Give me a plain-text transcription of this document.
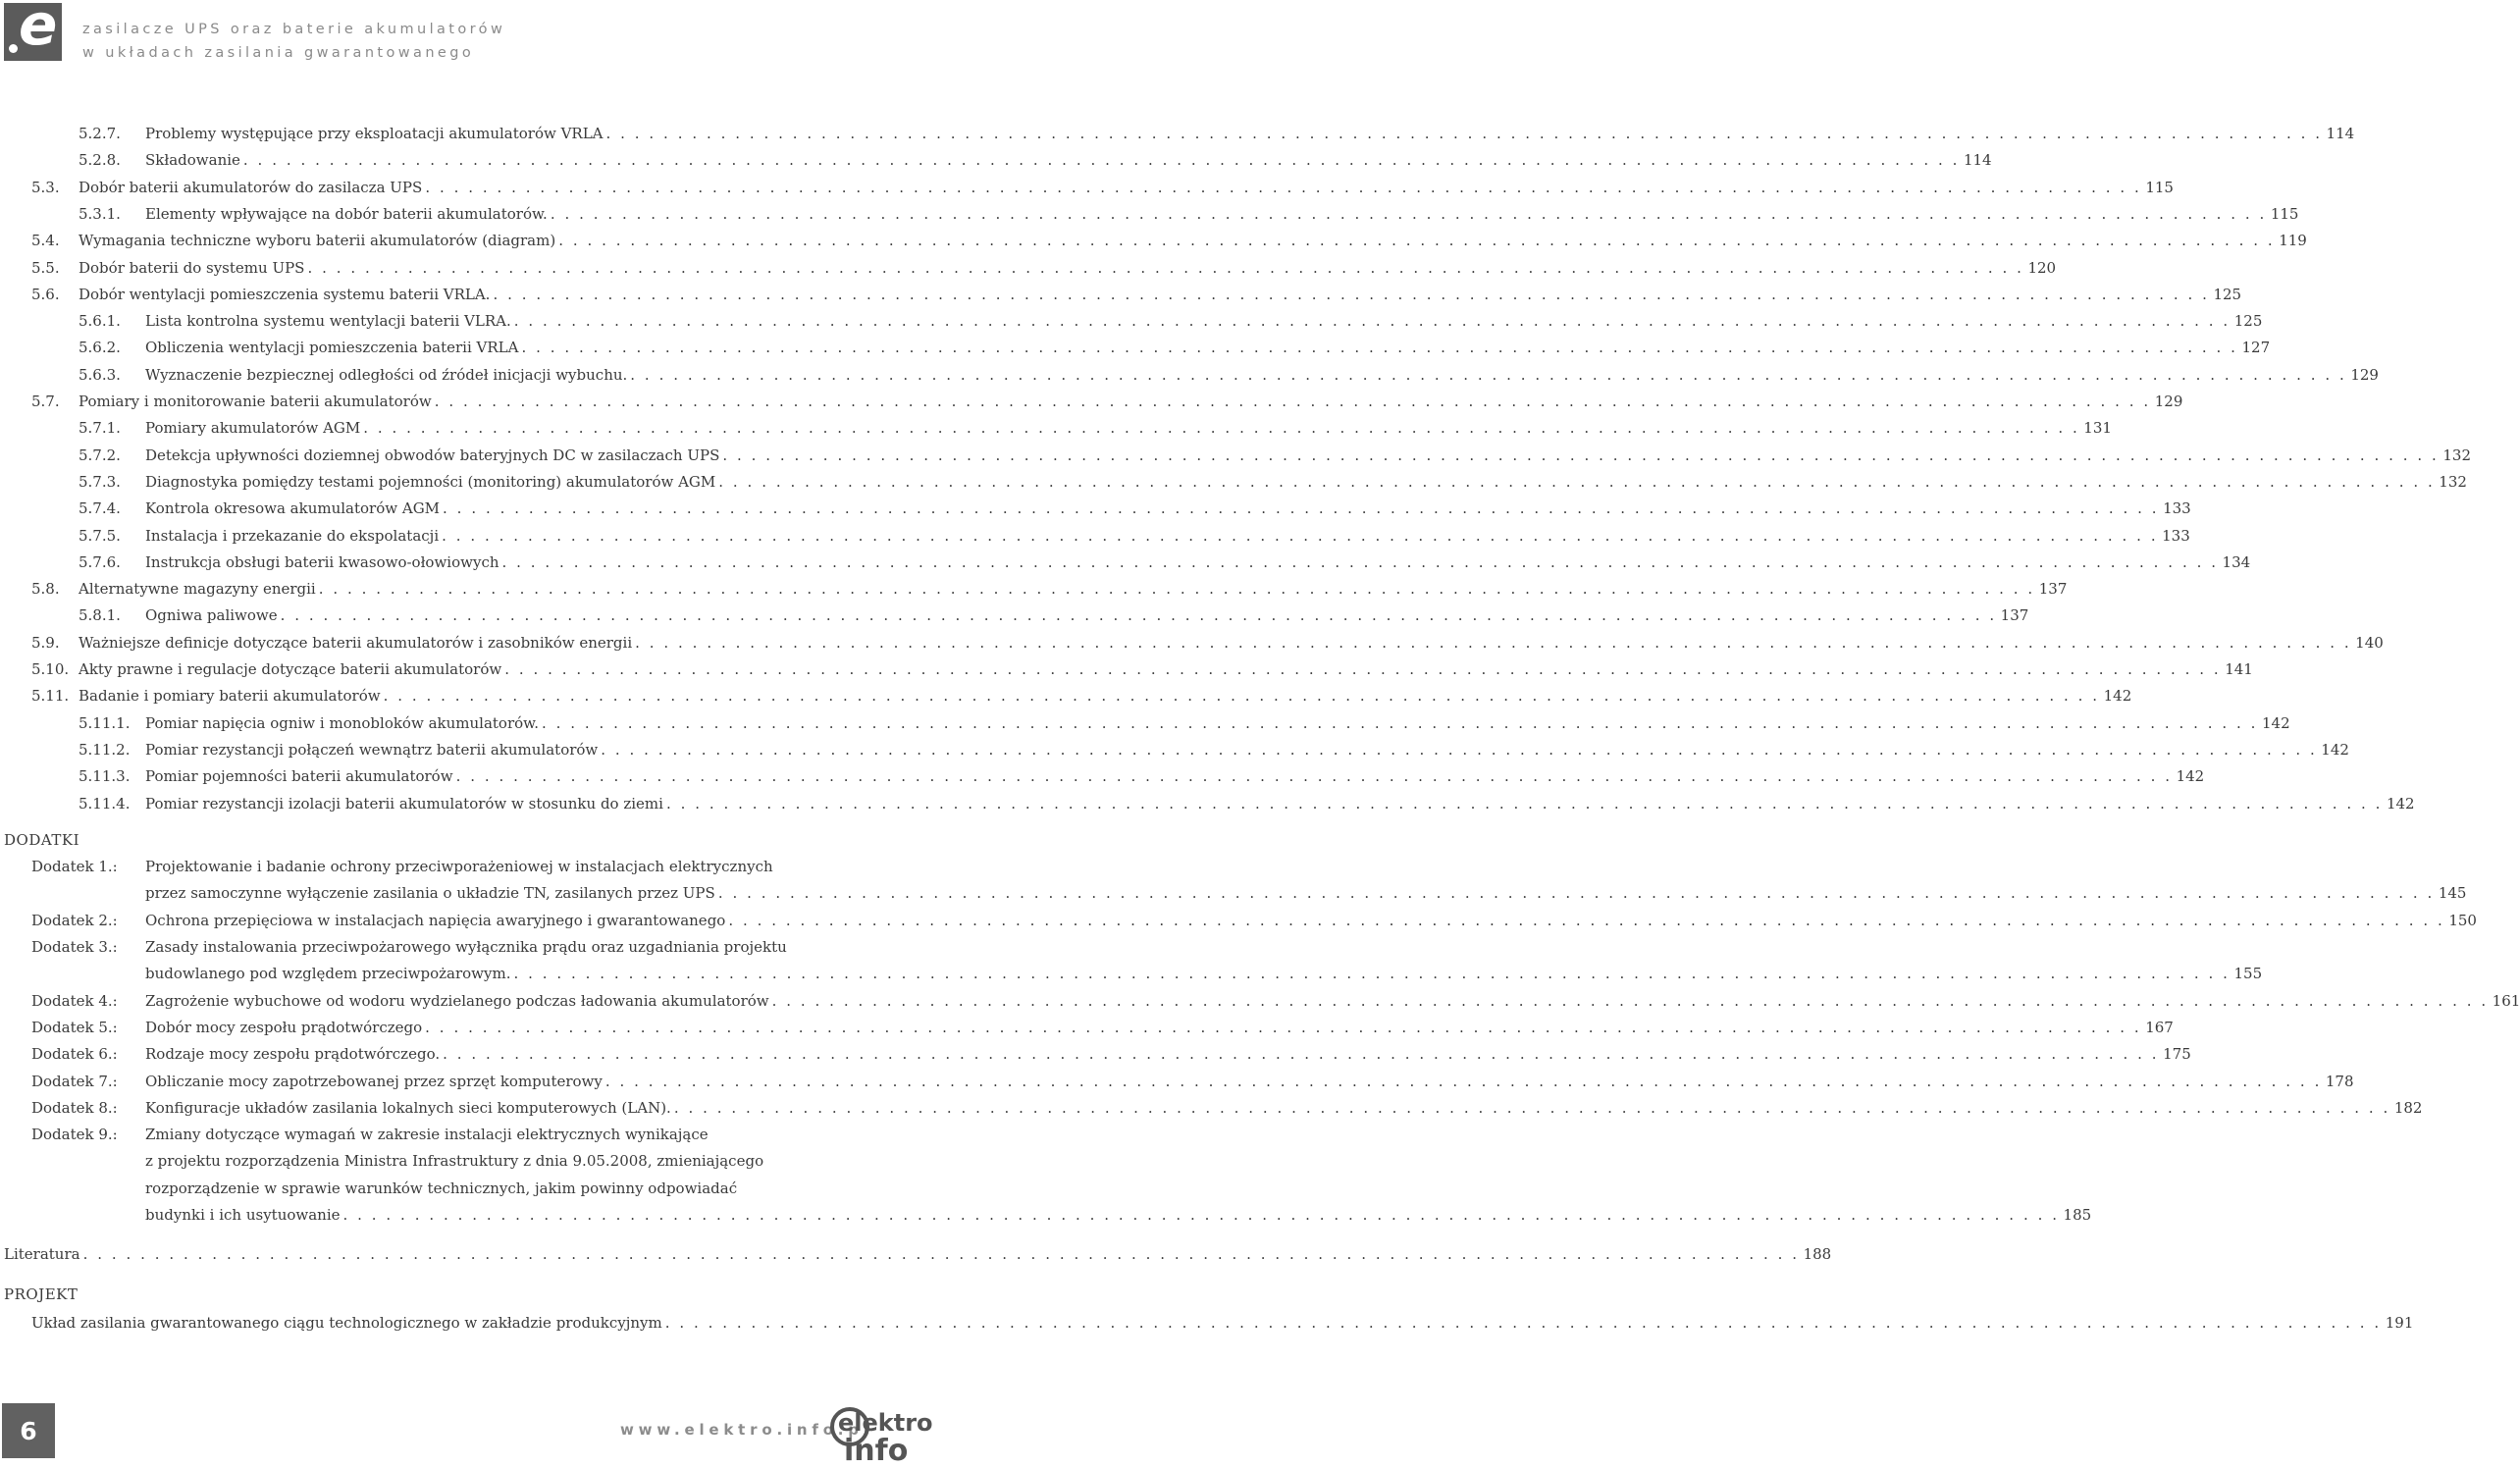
e zasilacze UPS oraz baterie akumulatorów
w układach zasilania gwarantowanego
5.2.7. Problemy występujące przy eksploatacji akumulatorów VRLA . . . . . . . . . . . . . . . . . . . . . . . . . . . . . . . . . . . . . . . . . . . . . . . . . . . . . . . . . . . . . . . . . . . . . . . . . . . . . . . . . . . . . . . . . . . . . . . . . . . . . . . . . . . . . . . . . . . . . . . . 114
5.2.8. Składowanie . . . . . . . . . . . . . . . . . . . . . . . . . . . . . . . . . . . . . . . . . . . . . . . . . . . . . . . . . . . . . . . . . . . . . . . . . . . . . . . . . . . . . . . . . . . . . . . . . . . . . . . . . . . . . . . . . . . . . . . . 114
5.3. Dobór baterii akumulatorów do zasilacza UPS . . . . . . . . . . . . . . . . . . . . . . . . . . . . . . . . . . . . . . . . . . . . . . . . . . . . . . . . . . . . . . . . . . . . . . . . . . . . . . . . . . . . . . . . . . . . . . . . . . . . . . . . . . . . . . . . . . . . . . . . 115
5.3.1. Elementy wpływające na dobór baterii akumulatorów. . . . . . . . . . . . . . . . . . . . . . . . . . . . . . . . . . . . . . . . . . . . . . . . . . . . . . . . . . . . . . . . . . . . . . . . . . . . . . . . . . . . . . . . . . . . . . . . . . . . . . . . . . . . . . . . . . . . . . . . . 115
5.4. Wymagania techniczne wyboru baterii akumulatorów (diagram) . . . . . . . . . . . . . . . . . . . . . . . . . . . . . . . . . . . . . . . . . . . . . . . . . . . . . . . . . . . . . . . . . . . . . . . . . . . . . . . . . . . . . . . . . . . . . . . . . . . . . . . . . . . . . . . . . . . . . . . . 119
5.5. Dobór baterii do systemu UPS . . . . . . . . . . . . . . . . . . . . . . . . . . . . . . . . . . . . . . . . . . . . . . . . . . . . . . . . . . . . . . . . . . . . . . . . . . . . . . . . . . . . . . . . . . . . . . . . . . . . . . . . . . . . . . . . . . . . . . . . 120
5.6. Dobór wentylacji pomieszczenia systemu baterii VRLA. . . . . . . . . . . . . . . . . . . . . . . . . . . . . . . . . . . . . . . . . . . . . . . . . . . . . . . . . . . . . . . . . . . . . . . . . . . . . . . . . . . . . . . . . . . . . . . . . . . . . . . . . . . . . . . . . . . . . . . . . 125
5.6.1. Lista kontrolna systemu wentylacji baterii VLRA. . . . . . . . . . . . . . . . . . . . . . . . . . . . . . . . . . . . . . . . . . . . . . . . . . . . . . . . . . . . . . . . . . . . . . . . . . . . . . . . . . . . . . . . . . . . . . . . . . . . . . . . . . . . . . . . . . . . . . . . . 125
5.6.2. Obliczenia wentylacji pomieszczenia baterii VRLA . . . . . . . . . . . . . . . . . . . . . . . . . . . . . . . . . . . . . . . . . . . . . . . . . . . . . . . . . . . . . . . . . . . . . . . . . . . . . . . . . . . . . . . . . . . . . . . . . . . . . . . . . . . . . . . . . . . . . . . . 127
5.6.3. Wyznaczenie bezpiecznej odległości od źródeł inicjacji wybuchu. . . . . . . . . . . . . . . . . . . . . . . . . . . . . . . . . . . . . . . . . . . . . . . . . . . . . . . . . . . . . . . . . . . . . . . . . . . . . . . . . . . . . . . . . . . . . . . . . . . . . . . . . . . . . . . . . . . . . . . . . 129
5.7. Pomiary i monitorowanie baterii akumulatorów . . . . . . . . . . . . . . . . . . . . . . . . . . . . . . . . . . . . . . . . . . . . . . . . . . . . . . . . . . . . . . . . . . . . . . . . . . . . . . . . . . . . . . . . . . . . . . . . . . . . . . . . . . . . . . . . . . . . . . . . 129
5.7.1. Pomiary akumulatorów AGM . . . . . . . . . . . . . . . . . . . . . . . . . . . . . . . . . . . . . . . . . . . . . . . . . . . . . . . . . . . . . . . . . . . . . . . . . . . . . . . . . . . . . . . . . . . . . . . . . . . . . . . . . . . . . . . . . . . . . . . . 131
5.7.2. Detekcja upływności doziemnej obwodów bateryjnych DC w zasilaczach UPS . . . . . . . . . . . . . . . . . . . . . . . . . . . . . . . . . . . . . . . . . . . . . . . . . . . . . . . . . . . . . . . . . . . . . . . . . . . . . . . . . . . . . . . . . . . . . . . . . . . . . . . . . . . . . . . . . . . . . . . . 132
5.7.3. Diagnostyka pomiędzy testami pojemności (monitoring) akumulatorów AGM . . . . . . . . . . . . . . . . . . . . . . . . . . . . . . . . . . . . . . . . . . . . . . . . . . . . . . . . . . . . . . . . . . . . . . . . . . . . . . . . . . . . . . . . . . . . . . . . . . . . . . . . . . . . . . . . . . . . . . . . 132
5.7.4. Kontrola okresowa akumulatorów AGM . . . . . . . . . . . . . . . . . . . . . . . . . . . . . . . . . . . . . . . . . . . . . . . . . . . . . . . . . . . . . . . . . . . . . . . . . . . . . . . . . . . . . . . . . . . . . . . . . . . . . . . . . . . . . . . . . . . . . . . . 133
5.7.5. Instalacja i przekazanie do ekspolatacji . . . . . . . . . . . . . . . . . . . . . . . . . . . . . . . . . . . . . . . . . . . . . . . . . . . . . . . . . . . . . . . . . . . . . . . . . . . . . . . . . . . . . . . . . . . . . . . . . . . . . . . . . . . . . . . . . . . . . . . . 133
5.7.6. Instrukcja obsługi baterii kwasowo-ołowiowych . . . . . . . . . . . . . . . . . . . . . . . . . . . . . . . . . . . . . . . . . . . . . . . . . . . . . . . . . . . . . . . . . . . . . . . . . . . . . . . . . . . . . . . . . . . . . . . . . . . . . . . . . . . . . . . . . . . . . . . . 134
5.8. Alternatywne magazyny energii . . . . . . . . . . . . . . . . . . . . . . . . . . . . . . . . . . . . . . . . . . . . . . . . . . . . . . . . . . . . . . . . . . . . . . . . . . . . . . . . . . . . . . . . . . . . . . . . . . . . . . . . . . . . . . . . . . . . . . . . 137
5.8.1. Ogniwa paliwowe . . . . . . . . . . . . . . . . . . . . . . . . . . . . . . . . . . . . . . . . . . . . . . . . . . . . . . . . . . . . . . . . . . . . . . . . . . . . . . . . . . . . . . . . . . . . . . . . . . . . . . . . . . . . . . . . . . . . . . . . 137
5.9. Ważniejsze definicje dotyczące baterii akumulatorów i zasobników energii . . . . . . . . . . . . . . . . . . . . . . . . . . . . . . . . . . . . . . . . . . . . . . . . . . . . . . . . . . . . . . . . . . . . . . . . . . . . . . . . . . . . . . . . . . . . . . . . . . . . . . . . . . . . . . . . . . . . . . . . 140
5.10. Akty prawne i regulacje dotyczące baterii akumulatorów . . . . . . . . . . . . . . . . . . . . . . . . . . . . . . . . . . . . . . . . . . . . . . . . . . . . . . . . . . . . . . . . . . . . . . . . . . . . . . . . . . . . . . . . . . . . . . . . . . . . . . . . . . . . . . . . . . . . . . . . 141
5.11. Badanie i pomiary baterii akumulatorów . . . . . . . . . . . . . . . . . . . . . . . . . . . . . . . . . . . . . . . . . . . . . . . . . . . . . . . . . . . . . . . . . . . . . . . . . . . . . . . . . . . . . . . . . . . . . . . . . . . . . . . . . . . . . . . . . . . . . . . . 142
5.11.1. Pomiar napięcia ogniw i monobloków akumulatorów. . . . . . . . . . . . . . . . . . . . . . . . . . . . . . . . . . . . . . . . . . . . . . . . . . . . . . . . . . . . . . . . . . . . . . . . . . . . . . . . . . . . . . . . . . . . . . . . . . . . . . . . . . . . . . . . . . . . . . . . . 142
5.11.2. Pomiar rezystancji połączeń wewnątrz baterii akumulatorów . . . . . . . . . . . . . . . . . . . . . . . . . . . . . . . . . . . . . . . . . . . . . . . . . . . . . . . . . . . . . . . . . . . . . . . . . . . . . . . . . . . . . . . . . . . . . . . . . . . . . . . . . . . . . . . . . . . . . . . . 142
5.11.3. Pomiar pojemności baterii akumulatorów . . . . . . . . . . . . . . . . . . . . . . . . . . . . . . . . . . . . . . . . . . . . . . . . . . . . . . . . . . . . . . . . . . . . . . . . . . . . . . . . . . . . . . . . . . . . . . . . . . . . . . . . . . . . . . . . . . . . . . . . 142
5.11.4. Pomiar rezystancji izolacji baterii akumulatorów w stosunku do ziemi . . . . . . . . . . . . . . . . . . . . . . . . . . . . . . . . . . . . . . . . . . . . . . . . . . . . . . . . . . . . . . . . . . . . . . . . . . . . . . . . . . . . . . . . . . . . . . . . . . . . . . . . . . . . . . . . . . . . . . . . 142
DODATKI
Dodatek 1.: Projektowanie i badanie ochrony przeciwporażeniowej w instalacjach elektrycznych
przez samoczynne wyłączenie zasilania o układzie TN, zasilanych przez UPS . . . . . . . . . . . . . . . . . . . . . . . . . . . . . . . . . . . . . . . . . . . . . . . . . . . . . . . . . . . . . . . . . . . . . . . . . . . . . . . . . . . . . . . . . . . . . . . . . . . . . . . . . . . . . . . . . . . . . . . . 145
Dodatek 2.: Ochrona przepięciowa w instalacjach napięcia awaryjnego i gwarantowanego . . . . . . . . . . . . . . . . . . . . . . . . . . . . . . . . . . . . . . . . . . . . . . . . . . . . . . . . . . . . . . . . . . . . . . . . . . . . . . . . . . . . . . . . . . . . . . . . . . . . . . . . . . . . . . . . . . . . . . . . 150
Dodatek 3.: Zasady instalowania przeciwpożarowego wyłącznika prądu oraz uzgadniania projektu
budowlanego pod względem przeciwpożarowym. . . . . . . . . . . . . . . . . . . . . . . . . . . . . . . . . . . . . . . . . . . . . . . . . . . . . . . . . . . . . . . . . . . . . . . . . . . . . . . . . . . . . . . . . . . . . . . . . . . . . . . . . . . . . . . . . . . . . . . . . 155
Dodatek 4.: Zagrożenie wybuchowe od wodoru wydzielanego podczas ładowania akumulatorów . . . . . . . . . . . . . . . . . . . . . . . . . . . . . . . . . . . . . . . . . . . . . . . . . . . . . . . . . . . . . . . . . . . . . . . . . . . . . . . . . . . . . . . . . . . . . . . . . . . . . . . . . . . . . . . . . . . . . . . . 161
Dodatek 5.: Dobór mocy zespołu prądotwórczego . . . . . . . . . . . . . . . . . . . . . . . . . . . . . . . . . . . . . . . . . . . . . . . . . . . . . . . . . . . . . . . . . . . . . . . . . . . . . . . . . . . . . . . . . . . . . . . . . . . . . . . . . . . . . . . . . . . . . . . . 167
Dodatek 6.: Rodzaje mocy zespołu prądotwórczego. . . . . . . . . . . . . . . . . . . . . . . . . . . . . . . . . . . . . . . . . . . . . . . . . . . . . . . . . . . . . . . . . . . . . . . . . . . . . . . . . . . . . . . . . . . . . . . . . . . . . . . . . . . . . . . . . . . . . . . . . 175
Dodatek 7.: Obliczanie mocy zapotrzebowanej przez sprzęt komputerowy . . . . . . . . . . . . . . . . . . . . . . . . . . . . . . . . . . . . . . . . . . . . . . . . . . . . . . . . . . . . . . . . . . . . . . . . . . . . . . . . . . . . . . . . . . . . . . . . . . . . . . . . . . . . . . . . . . . . . . . . 178
Dodatek 8.: Konfiguracje układów zasilania lokalnych sieci komputerowych (LAN). . . . . . . . . . . . . . . . . . . . . . . . . . . . . . . . . . . . . . . . . . . . . . . . . . . . . . . . . . . . . . . . . . . . . . . . . . . . . . . . . . . . . . . . . . . . . . . . . . . . . . . . . . . . . . . . . . . . . . . . . 182
Dodatek 9.: Zmiany dotyczące wymagań w zakresie instalacji elektrycznych wynikające
z projektu rozporządzenia Ministra Infrastruktury z dnia 9.05.2008, zmieniającego
rozporządzenie w sprawie warunków technicznych, jakim powinny odpowiadać
budynki i ich usytuowanie . . . . . . . . . . . . . . . . . . . . . . . . . . . . . . . . . . . . . . . . . . . . . . . . . . . . . . . . . . . . . . . . . . . . . . . . . . . . . . . . . . . . . . . . . . . . . . . . . . . . . . . . . . . . . . . . . . . . . . . . 185
Literatura . . . . . . . . . . . . . . . . . . . . . . . . . . . . . . . . . . . . . . . . . . . . . . . . . . . . . . . . . . . . . . . . . . . . . . . . . . . . . . . . . . . . . . . . . . . . . . . . . . . . . . . . . . . . . . . . . . . . . . . . 188
PROJEKT
Układ zasilania gwarantowanego ciągu technologicznego w zakładzie produkcyjnym . . . . . . . . . . . . . . . . . . . . . . . . . . . . . . . . . . . . . . . . . . . . . . . . . . . . . . . . . . . . . . . . . . . . . . . . . . . . . . . . . . . . . . . . . . . . . . . . . . . . . . . . . . . . . . . . . . . . . . . . 191
6	www.elektro.info.pl
elektro
info
